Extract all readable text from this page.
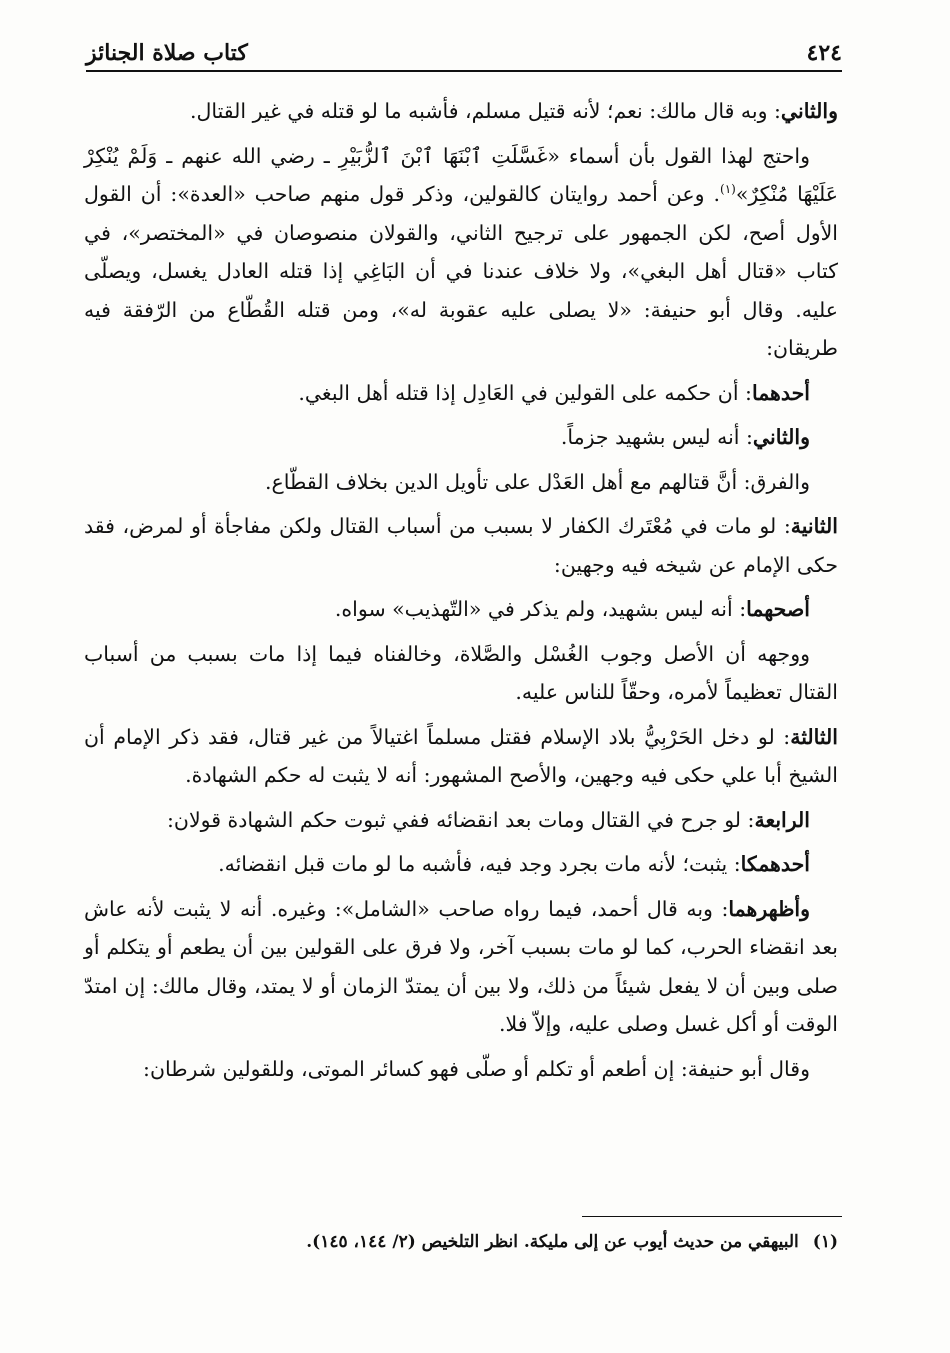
٤٢٤
كتاب صلاة الجنائز

والثاني: وبه قال مالك: نعم؛ لأنه قتيل مسلم، فأشبه ما لو قتله في غير القتال.

واحتج لهذا القول بأن أسماء «غَسَّلَتِ ٱبْنَهَا ٱبْنَ ٱلزُّبَيْرِ ـ رضي الله عنهم ـ وَلَمْ يُنْكِرْ عَلَيْهَا مُنْكِرٌ»$^{(١)}$. وعن أحمد روايتان كالقولين، وذكر قول منهم صاحب «العدة»: أن القول الأول أصح، لكن الجمهور على ترجيح الثاني، والقولان منصوصان في «المختصر»، في كتاب «قتال أهل البغي»، ولا خلاف عندنا في أن البَاغِي إذا قتله العادل يغسل، ويصلّى عليه. وقال أبو حنيفة: «لا يصلى عليه عقوبة له»، ومن قتله القُطّاع من الرّفقة فيه طريقان:

أحدهما: أن حكمه على القولين في العَادِل إذا قتله أهل البغي.

والثاني: أنه ليس بشهيد جزماً.

والفرق: أنَّ قتالهم مع أهل العَدْل على تأويل الدين بخلاف القطّاع.

الثانية: لو مات في مُعْتَرك الكفار لا بسبب من أسباب القتال ولكن مفاجأة أو لمرض، فقد حكى الإمام عن شيخه فيه وجهين:

أصحهما: أنه ليس بشهيد، ولم يذكر في «التّهذيب» سواه.

ووجهه أن الأصل وجوب الغُسْل والصَّلاة، وخالفناه فيما إذا مات بسبب من أسباب القتال تعظيماً لأمره، وحقّاً للناس عليه.

الثالثة: لو دخل الحَرْبِيُّ بلاد الإسلام فقتل مسلماً اغتيالاً من غير قتال، فقد ذكر الإمام أن الشيخ أبا علي حكى فيه وجهين، والأصح المشهور: أنه لا يثبت له حكم الشهادة.

الرابعة: لو جرح في القتال ومات بعد انقضائه ففي ثبوت حكم الشهادة قولان:

أحدهمكا: يثبت؛ لأنه مات بجرد وجد فيه، فأشبه ما لو مات قبل انقضائه.

وأظهرهما: وبه قال أحمد، فيما رواه صاحب «الشامل»: وغيره. أنه لا يثبت لأنه عاش بعد انقضاء الحرب، كما لو مات بسبب آخر، ولا فرق على القولين بين أن يطعم أو يتكلم أو صلى وبين أن لا يفعل شيئاً من ذلك، ولا بين أن يمتدّ الزمان أو لا يمتد، وقال مالك: إن امتدّ الوقت أو أكل غسل وصلى عليه، وإلاّ فلا.

وقال أبو حنيفة: إن أطعم أو تكلم أو صلّى فهو كسائر الموتى، وللقولين شرطان:

(١)البيهقي من حديث أيوب عن إلى مليكة. انظر التلخيص (٢/ ١٤٤، ١٤٥).
